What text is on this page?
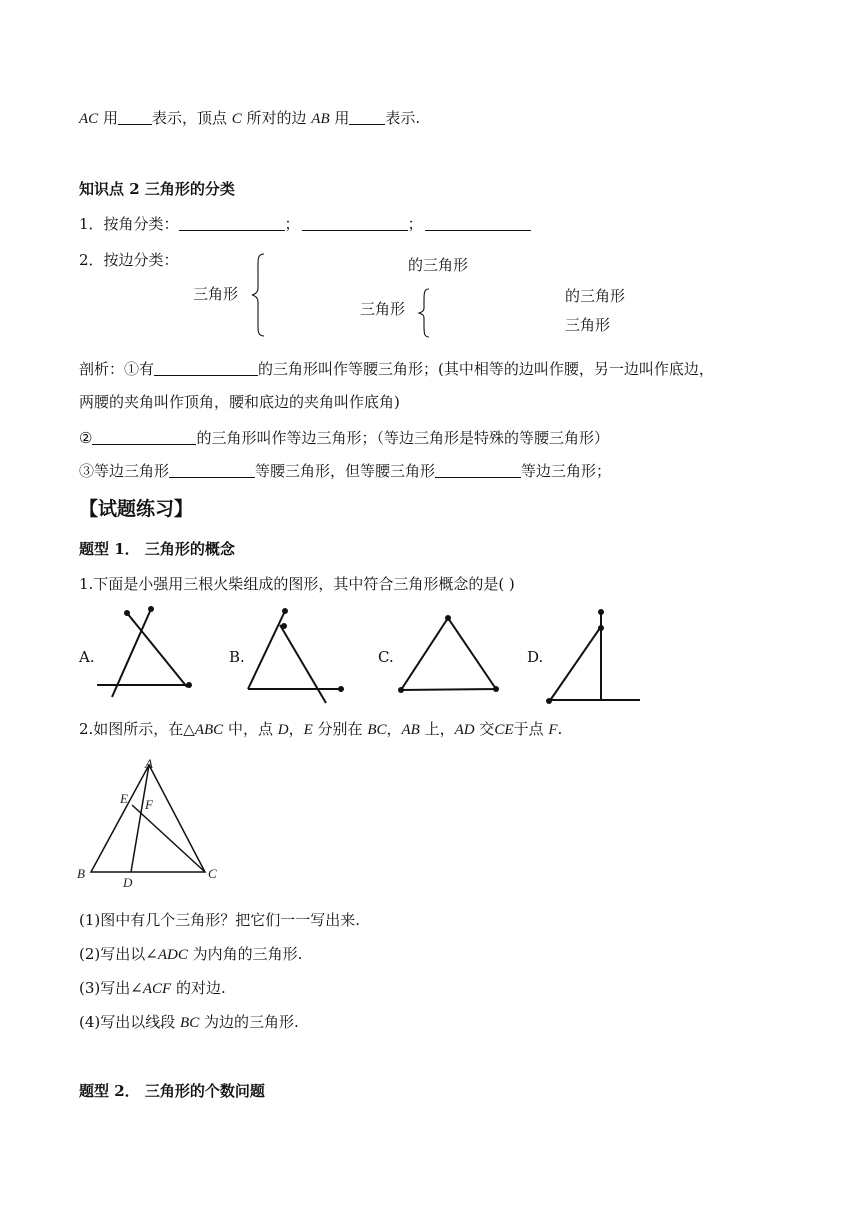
AC 用 表示，顶点 C 所对的边 AB 用 表示.
知识点 2 三角形的分类
1．按角分类：	；	；
2．按边分类：
三角形
的三角形
三角形
的三角形
三角形
剖析：①有	的三角形叫作等腰三角形；(其中相等的边叫作腰，另一边叫作底边，
两腰的夹角叫作顶角，腰和底边的夹角叫作底角)
②	的三角形叫作等边三角形；（等边三角形是特殊的等腰三角形）
③等边三角形	等腰三角形，但等腰三角形	等边三角形；
【试题练习】
题型 1． 三角形的概念
1.下面是小强用三根火柴组成的图形，其中符合三角形概念的是( )
A.	B.	C.	D.
2.如图所示，在△ABC 中，点 D，E 分别在 BC，AB 上，AD 交CE于点 F.
A
E F
B
D
C
(1)图中有几个三角形？把它们一一写出来.
(2)写出以∠ADC 为内角的三角形.
(3)写出∠ACF 的对边.
(4)写出以线段 BC 为边的三角形.
题型 2． 三角形的个数问题
